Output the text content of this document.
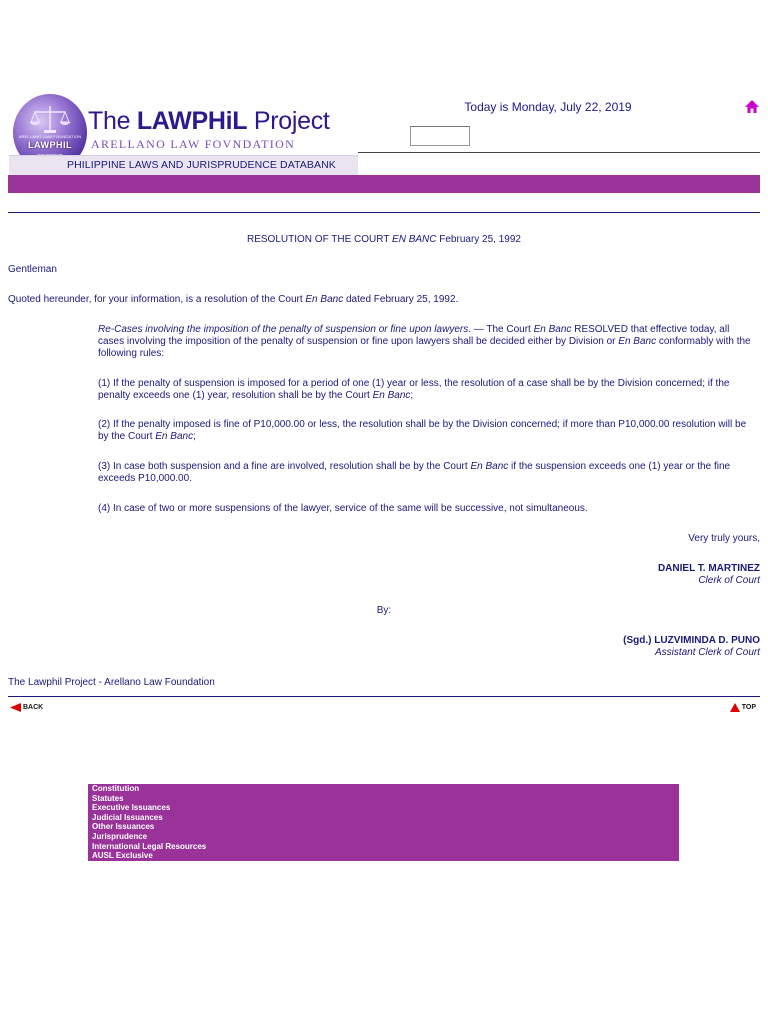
ARELLANO LAW FOUNDATION
LAWPHIL
The LAWPHiL Project
ARELLANO LAW FOVNDATION
PHILIPPINE LAWS AND JURISPRUDENCE DATABANK
Today is Monday, July 22, 2019
RESOLUTION OF THE COURT EN BANC February 25, 1992
Gentleman
Quoted hereunder, for your information, is a resolution of the Court En Banc dated February 25, 1992.
Re-Cases involving the imposition of the penalty of suspension or fine upon lawyers. — The Court En Banc RESOLVED that effective today, all cases involving the imposition of the penalty of suspension or fine upon lawyers shall be decided either by Division or En Banc conformably with the following rules:
(1) If the penalty of suspension is imposed for a period of one (1) year or less, the resolution of a case shall be by the Division concerned; if the penalty exceeds one (1) year, resolution shall be by the Court En Banc;
(2) If the penalty imposed is fine of P10,000.00 or less, the resolution shall be by the Division concerned; if more than P10,000.00 resolution will be by the Court En Banc;
(3) In case both suspension and a fine are involved, resolution shall be by the Court En Banc if the suspension exceeds one (1) year or the fine exceeds P10,000.00.
(4) In case of two or more suspensions of the lawyer, service of the same will be successive, not simultaneous.
Very truly yours,
DANIEL T. MARTINEZ
Clerk of Court
By:
(Sgd.) LUZVIMINDA D. PUNO
Assistant Clerk of Court
The Lawphil Project - Arellano Law Foundation
BACK	TOP
Constitution
Statutes
Executive Issuances
Judicial Issuances
Other Issuances
Jurisprudence
International Legal Resources
AUSL Exclusive
